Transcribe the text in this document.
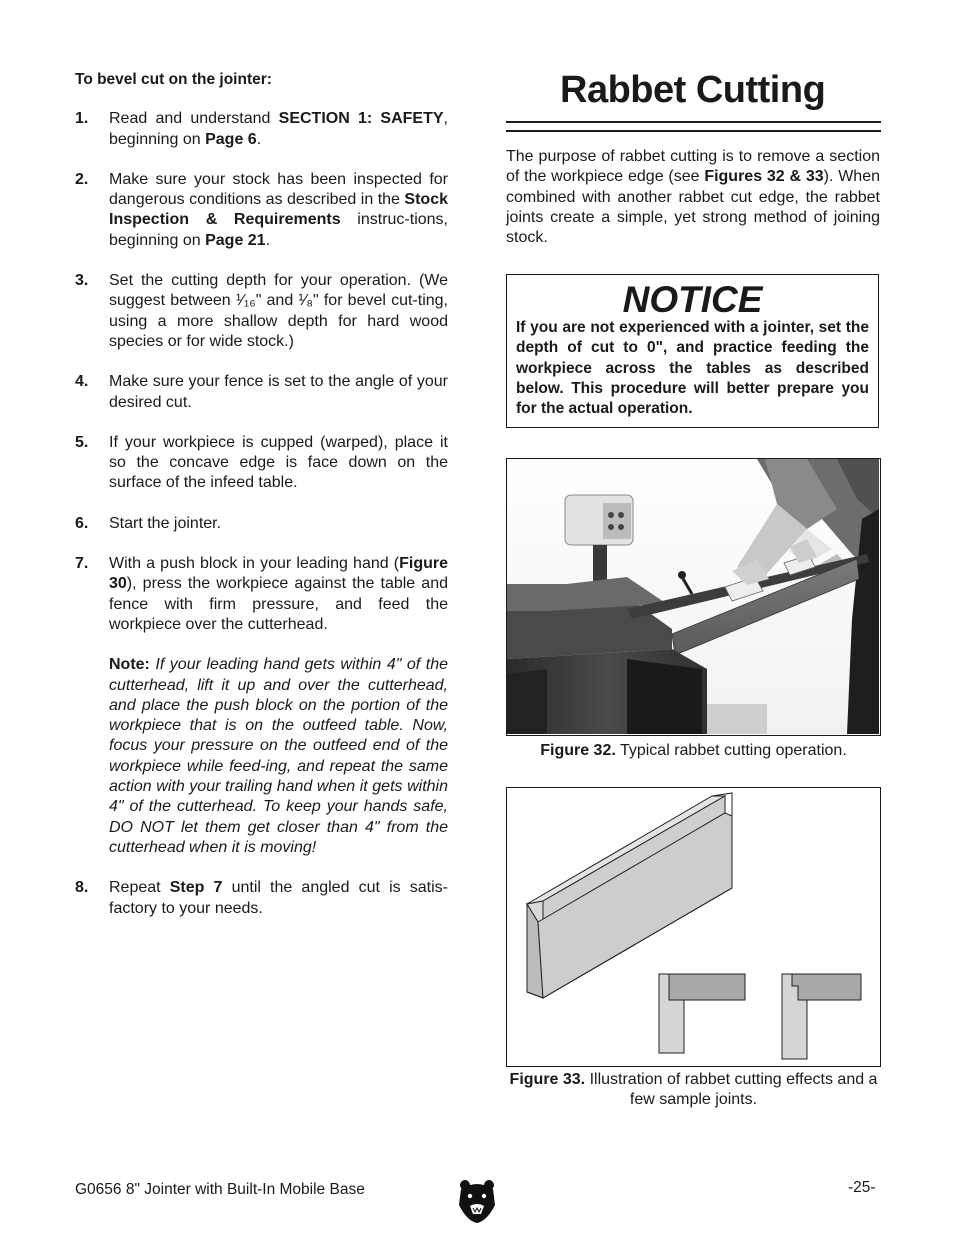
To bevel cut on the jointer:

1.	Read and understand SECTION 1: SAFETY, beginning on Page 6.
2.	Make sure your stock has been inspected for dangerous conditions as described in the Stock Inspection & Requirements instruc-tions, beginning on Page 21.
3.	Set the cutting depth for your operation. (We suggest between ¹⁄₁₆" and ¹⁄₈" for bevel cut-ting, using a more shallow depth for hard wood species or for wide stock.)
4.	Make sure your fence is set to the angle of your desired cut.
5.	If your workpiece is cupped (warped), place it so the concave edge is face down on the surface of the infeed table.
6.	Start the jointer.
7.	With a push block in your leading hand (Figure 30), press the workpiece against the table and fence with firm pressure, and feed the workpiece over the cutterhead.

Note: If your leading hand gets within 4" of the cutterhead, lift it up and over the cutterhead, and place the push block on the portion of the workpiece that is on the outfeed table. Now, focus your pressure on the outfeed end of the workpiece while feed-ing, and repeat the same action with your trailing hand when it gets within 4" of the cutterhead. To keep your hands safe, DO NOT let them get closer than 4" from the cutterhead when it is moving!

8.	Repeat Step 7 until the angled cut is satis-factory to your needs.
Rabbet Cutting

The purpose of rabbet cutting is to remove a section of the workpiece edge (see Figures 32 & 33). When combined with another rabbet cut edge, the rabbet joints create a simple, yet strong method of joining stock.

NOTICE
If you are not experienced with a jointer, set the depth of cut to 0", and practice feeding the workpiece across the tables as described below. This procedure will better prepare you for the actual operation.

Figure 32. Typical rabbet cutting operation.

Figure 33. Illustration of rabbet cutting effects and a few sample joints.

G0656 8" Jointer with Built-In Mobile Base	-25-
